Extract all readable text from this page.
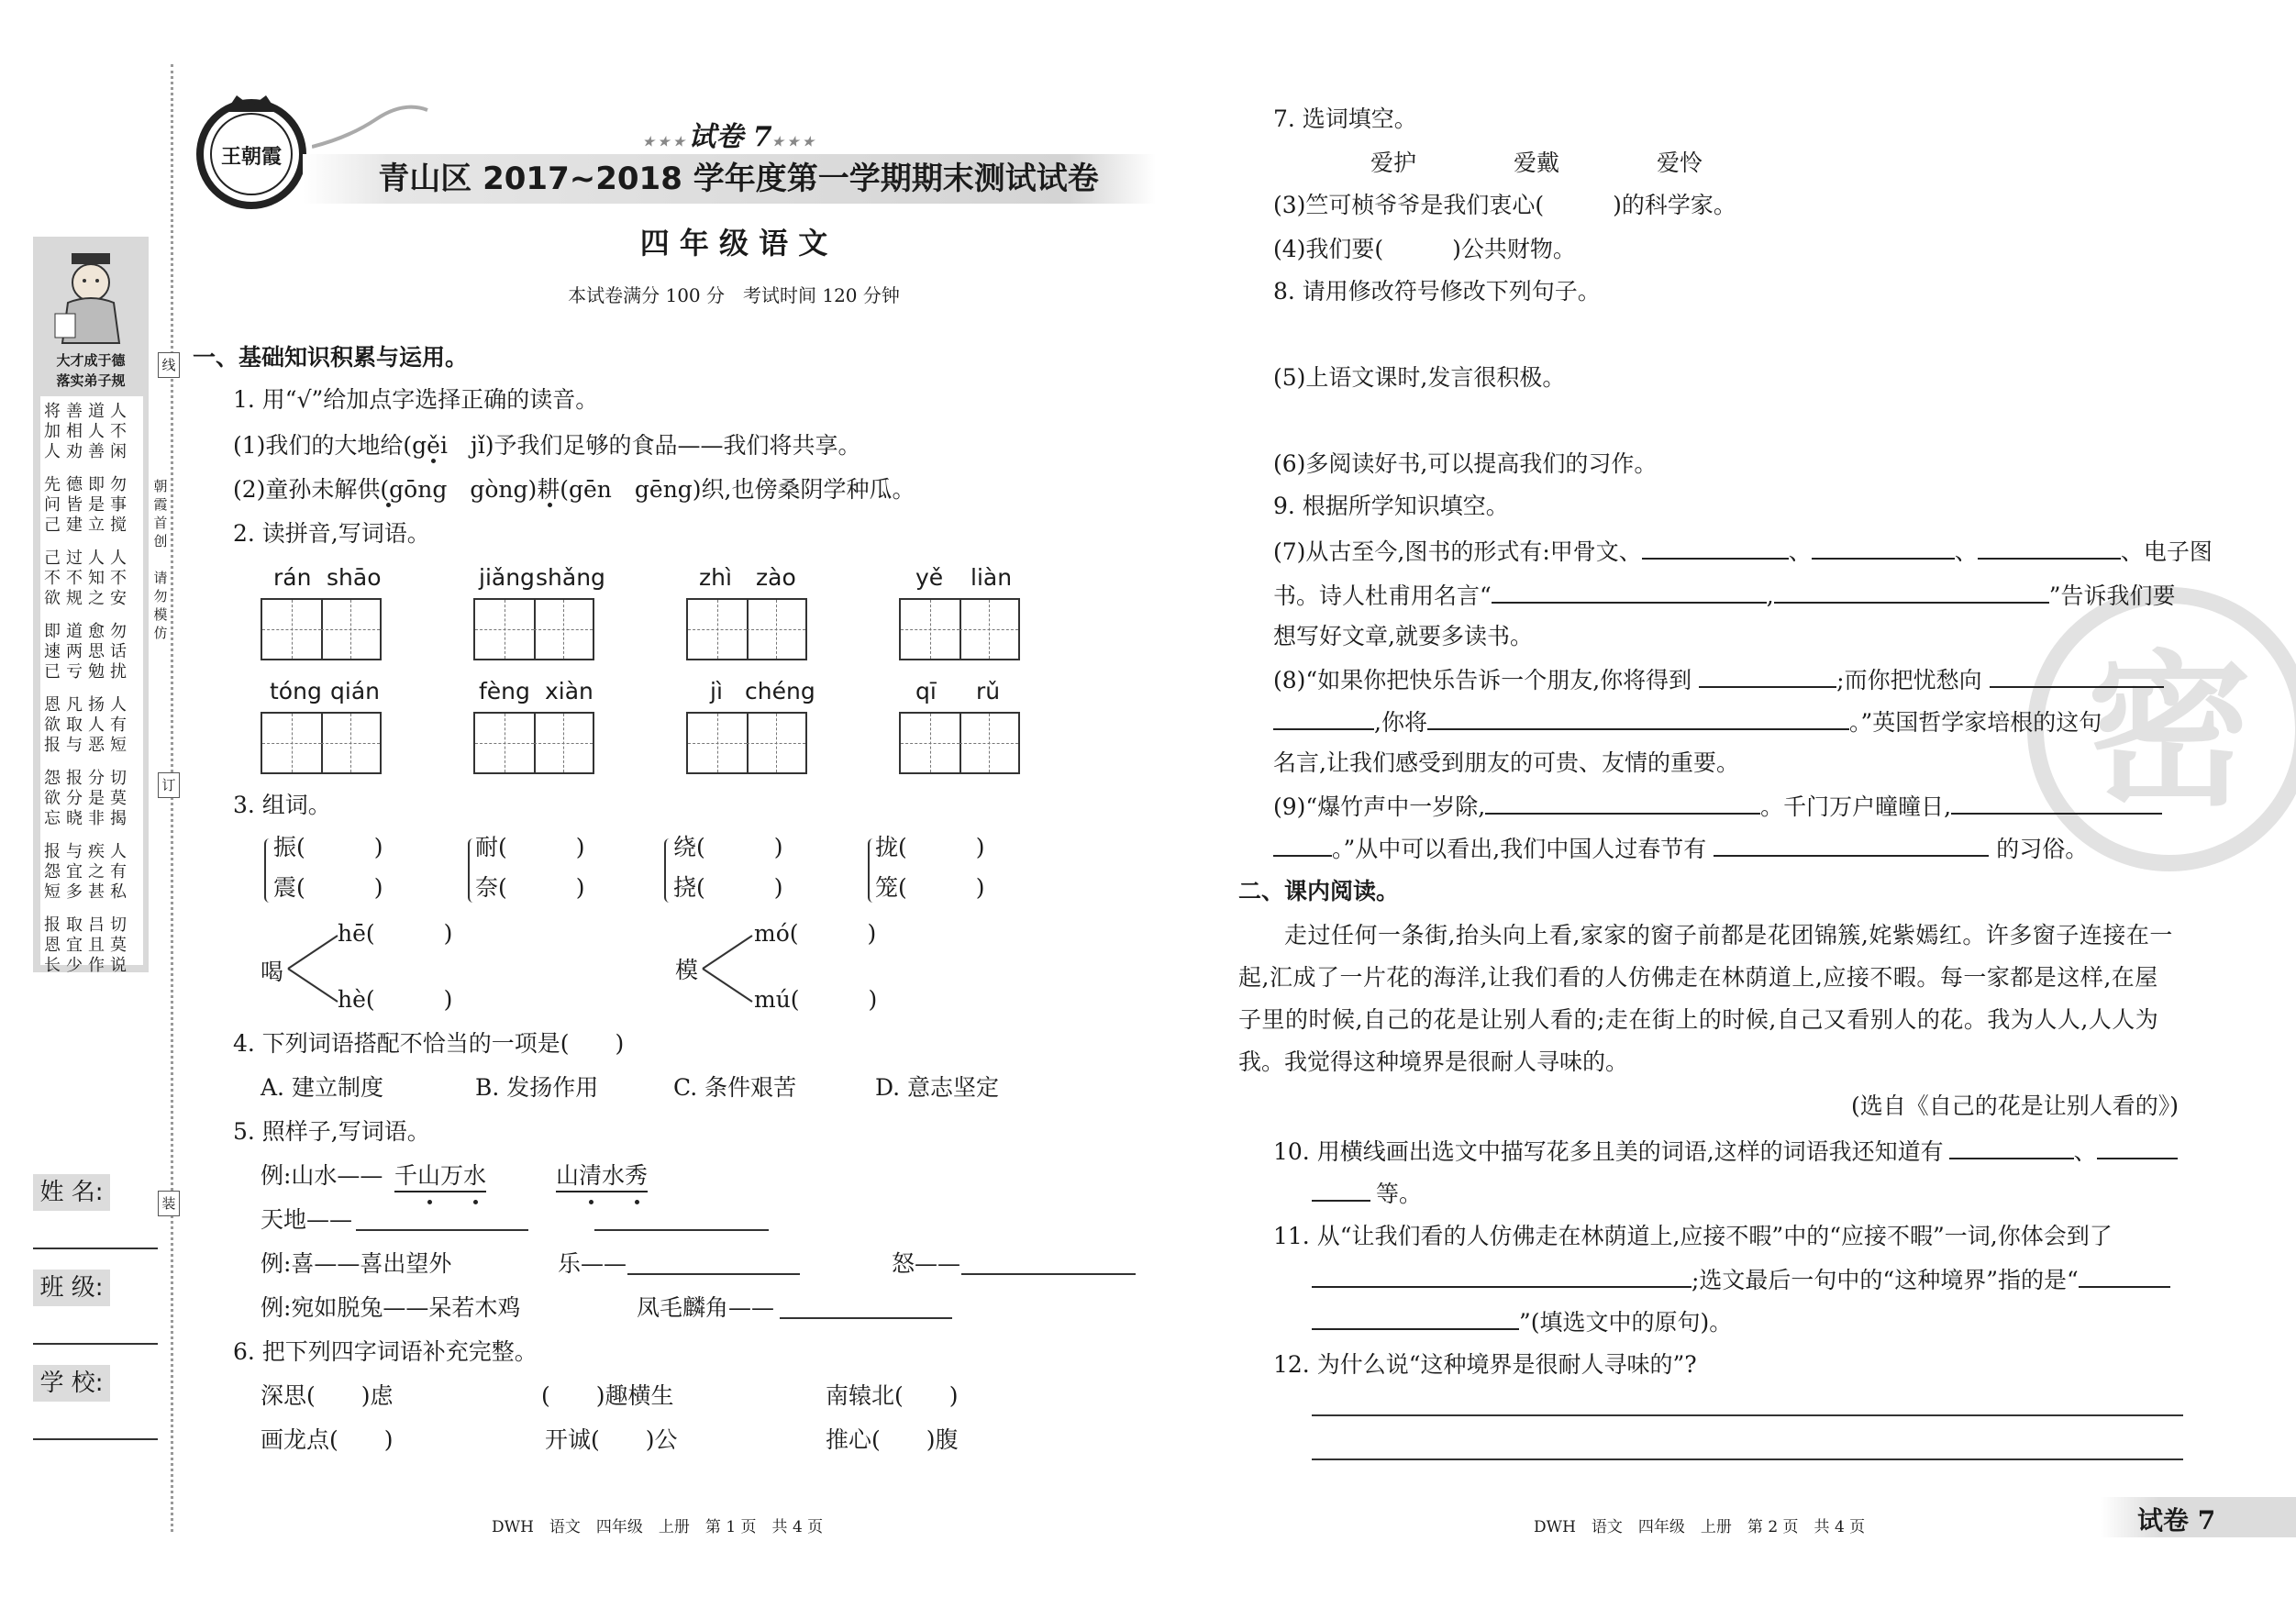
大才成于德
落实弟子规
将善道人
加相人不
人劝善闲
先德即勿
问皆是事
己建立搅
己过人人
不不知不
欲规之安
即道愈勿
速两思话
已亏勉扰
恩凡扬人
欲取人有
报与恶短
怨报分切
欲分是莫
忘晓非揭
报与疾人
怨宜之有
短多甚私
报取吕切
恩宜且莫
长少作说
线
订
装
朝霞首创
请勿模仿
姓 名:
班 级:
学 校:
王朝霞
★★★试卷 7★★★
青山区 2017~2018 学年度第一学期期末测试试卷
四 年 级 语 文
本试卷满分 100 分　考试时间 120 分钟
一、基础知识积累与运用。
1. 用“√”给加点字选择正确的读音。
(1)我们的大地给(gěi　jǐ)予我们足够的食品——我们将共享。
(2)童孙未解供(gōng　gòng)耕(gēn　gēng)织,也傍桑阴学种瓜。
2. 读拼音,写词语。
rán shāo	jiǎng shǎng	zhì zào	yě liàn
tóng qián	fèng xiàn	jì chéng	qī rǔ
3. 组词。
振(　　　)
震(　　　)
耐(　　　)
奈(　　　)
绕(　　　)
挠(　　　)
拢(　　　)
笼(　　　)
喝
hē(　　　)
hè(　　　)
模
mó(　　　)
mú(　　　)
4. 下列词语搭配不恰当的一项是(　　)
A. 建立制度	B. 发扬作用	C. 条件艰苦	D. 意志坚定
5. 照样子,写词语。
例:山水—— 千山万水	山清水秀
天地——
例:喜——喜出望外	乐——	怒——
例:宛如脱兔——呆若木鸡	凤毛麟角——
6. 把下列四字词语补充完整。
深思(　　)虑	(　　)趣横生	南辕北(　　)
画龙点(　　)	开诚(　　)公	推心(　　)腹
DWH　语文　四年级　上册　第 1 页　共 4 页
密
7. 选词填空。
爱护	爱戴	爱怜
(3)竺可桢爷爷是我们衷心(　　　)的科学家。
(4)我们要(　　　)公共财物。
8. 请用修改符号修改下列句子。
(5)上语文课时,发言很积极。
(6)多阅读好书,可以提高我们的习作。
9. 根据所学知识填空。
(7)从古至今,图书的形式有:甲骨文、	、	、	、电子图
书。诗人杜甫用名言“	,	”告诉我们要
想写好文章,就要多读书。
(8)“如果你把快乐告诉一个朋友,你将得到	;而你把忧愁向
,你将	。”英国哲学家培根的这句
名言,让我们感受到朋友的可贵、友情的重要。
(9)“爆竹声中一岁除,	。千门万户曈曈日,
。”从中可以看出,我们中国人过春节有	的习俗。
二、课内阅读。
走过任何一条街,抬头向上看,家家的窗子前都是花团锦簇,姹紫嫣红。许多窗子连接在一
起,汇成了一片花的海洋,让我们看的人仿佛走在林荫道上,应接不暇。每一家都是这样,在屋
子里的时候,自己的花是让别人看的;走在街上的时候,自己又看别人的花。我为人人,人人为
我。我觉得这种境界是很耐人寻味的。
(选自《自己的花是让别人看的》)
10. 用横线画出选文中描写花多且美的词语,这样的词语我还知道有	、
等。
11. 从“让我们看的人仿佛走在林荫道上,应接不暇”中的“应接不暇”一词,你体会到了
;选文最后一句中的“这种境界”指的是“
”(填选文中的原句)。
12. 为什么说“这种境界是很耐人寻味的”?
DWH　语文　四年级　上册　第 2 页　共 4 页	试卷 7
